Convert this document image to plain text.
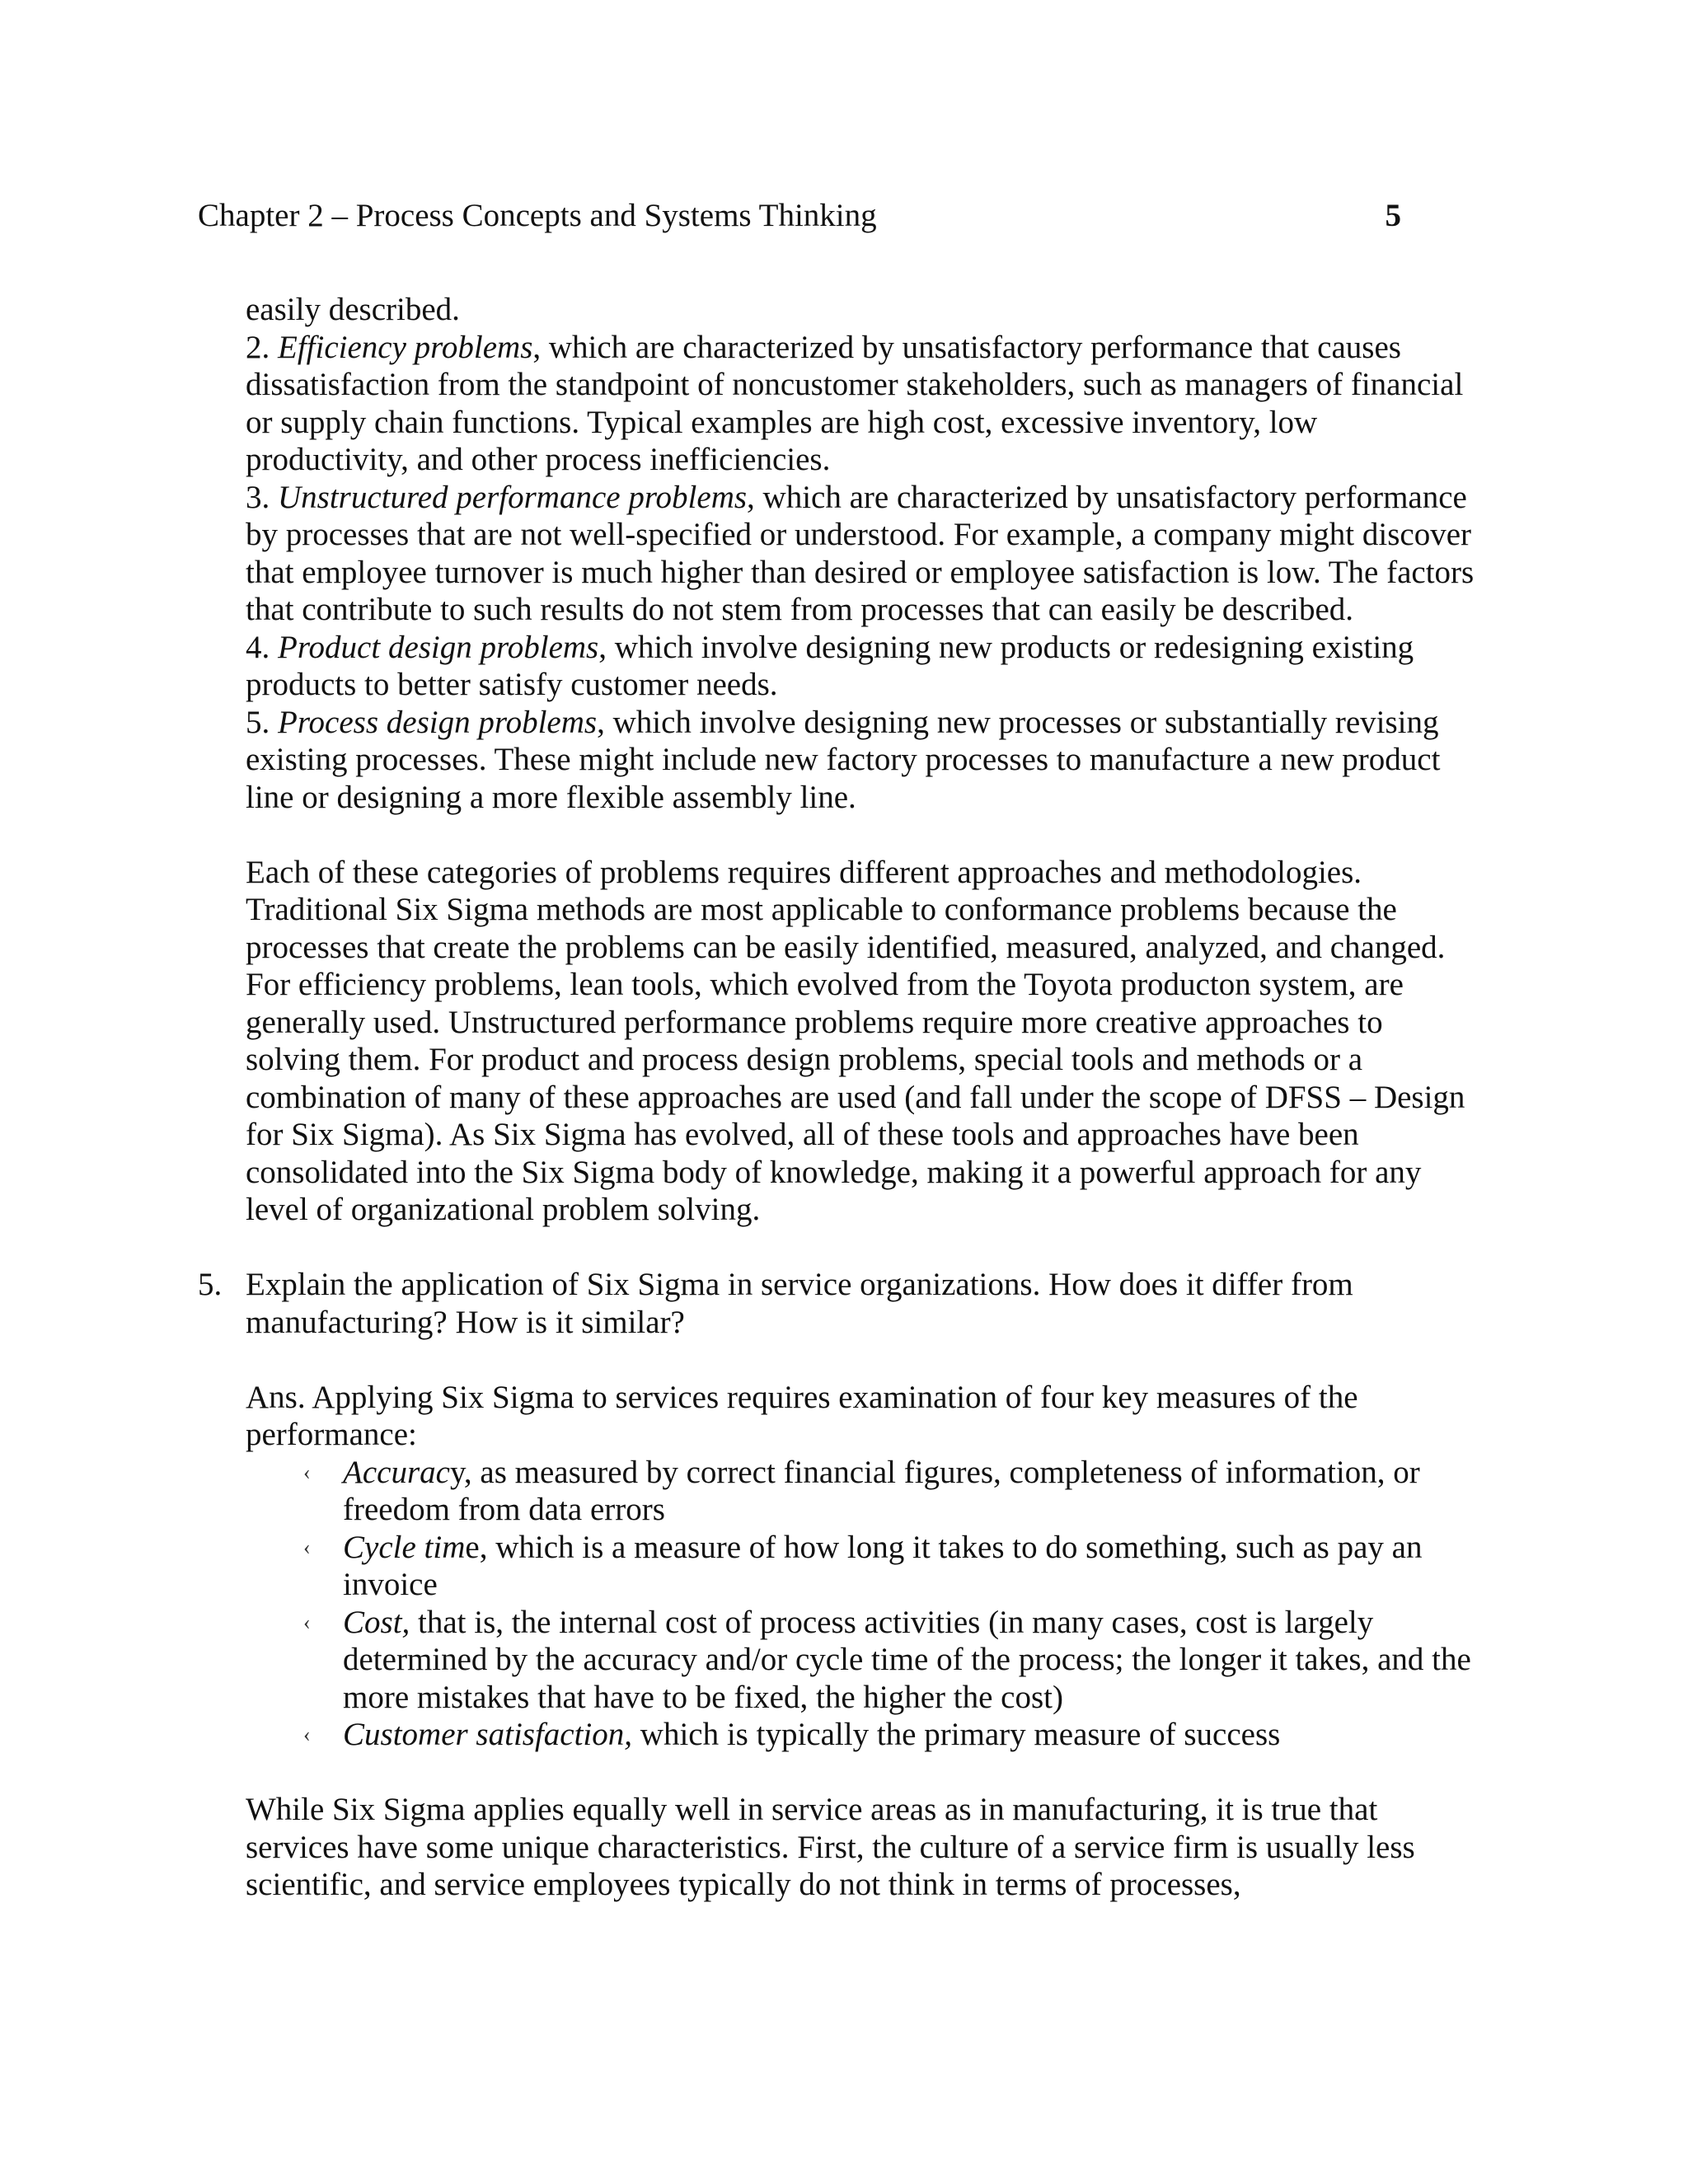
Chapter 2 – Process Concepts and Systems Thinking	5

easily described.

2. Efficiency problems, which are characterized by unsatisfactory performance that causes dissatisfaction from the standpoint of noncustomer stakeholders, such as managers of financial or supply chain functions. Typical examples are high cost, excessive inventory, low productivity, and other process inefficiencies.

3. Unstructured performance problems, which are characterized by unsatisfactory performance by processes that are not well-specified or understood. For example, a company might discover that employee turnover is much higher than desired or employee satisfaction is low. The factors that contribute to such results do not stem from processes that can easily be described.

4. Product design problems, which involve designing new products or redesigning existing products to better satisfy customer needs.

5. Process design problems, which involve designing new processes or substantially revising existing processes. These might include new factory processes to manufacture a new product line or designing a more flexible assembly line.

Each of these categories of problems requires different approaches and methodologies. Traditional Six Sigma methods are most applicable to conformance problems because the processes that create the problems can be easily identified, measured, analyzed, and changed. For efficiency problems, lean tools, which evolved from the Toyota producton system, are generally used. Unstructured performance problems require more creative approaches to solving them. For product and process design problems, special tools and methods or a combination of many of these approaches are used (and fall under the scope of DFSS – Design for Six Sigma). As Six Sigma has evolved, all of these tools and approaches have been consolidated into the Six Sigma body of knowledge, making it a powerful approach for any level of organizational problem solving.

5. Explain the application of Six Sigma in service organizations. How does it differ from manufacturing? How is it similar?

Ans. Applying Six Sigma to services requires examination of four key measures of the performance:

‹ Accuracy, as measured by correct financial figures, completeness of information, or freedom from data errors
‹ Cycle time, which is a measure of how long it takes to do something, such as pay an invoice
‹ Cost, that is, the internal cost of process activities (in many cases, cost is largely determined by the accuracy and/or cycle time of the process; the longer it takes, and the more mistakes that have to be fixed, the higher the cost)
‹ Customer satisfaction, which is typically the primary measure of success

While Six Sigma applies equally well in service areas as in manufacturing, it is true that services have some unique characteristics. First, the culture of a service firm is usually less scientific, and service employees typically do not think in terms of processes,
